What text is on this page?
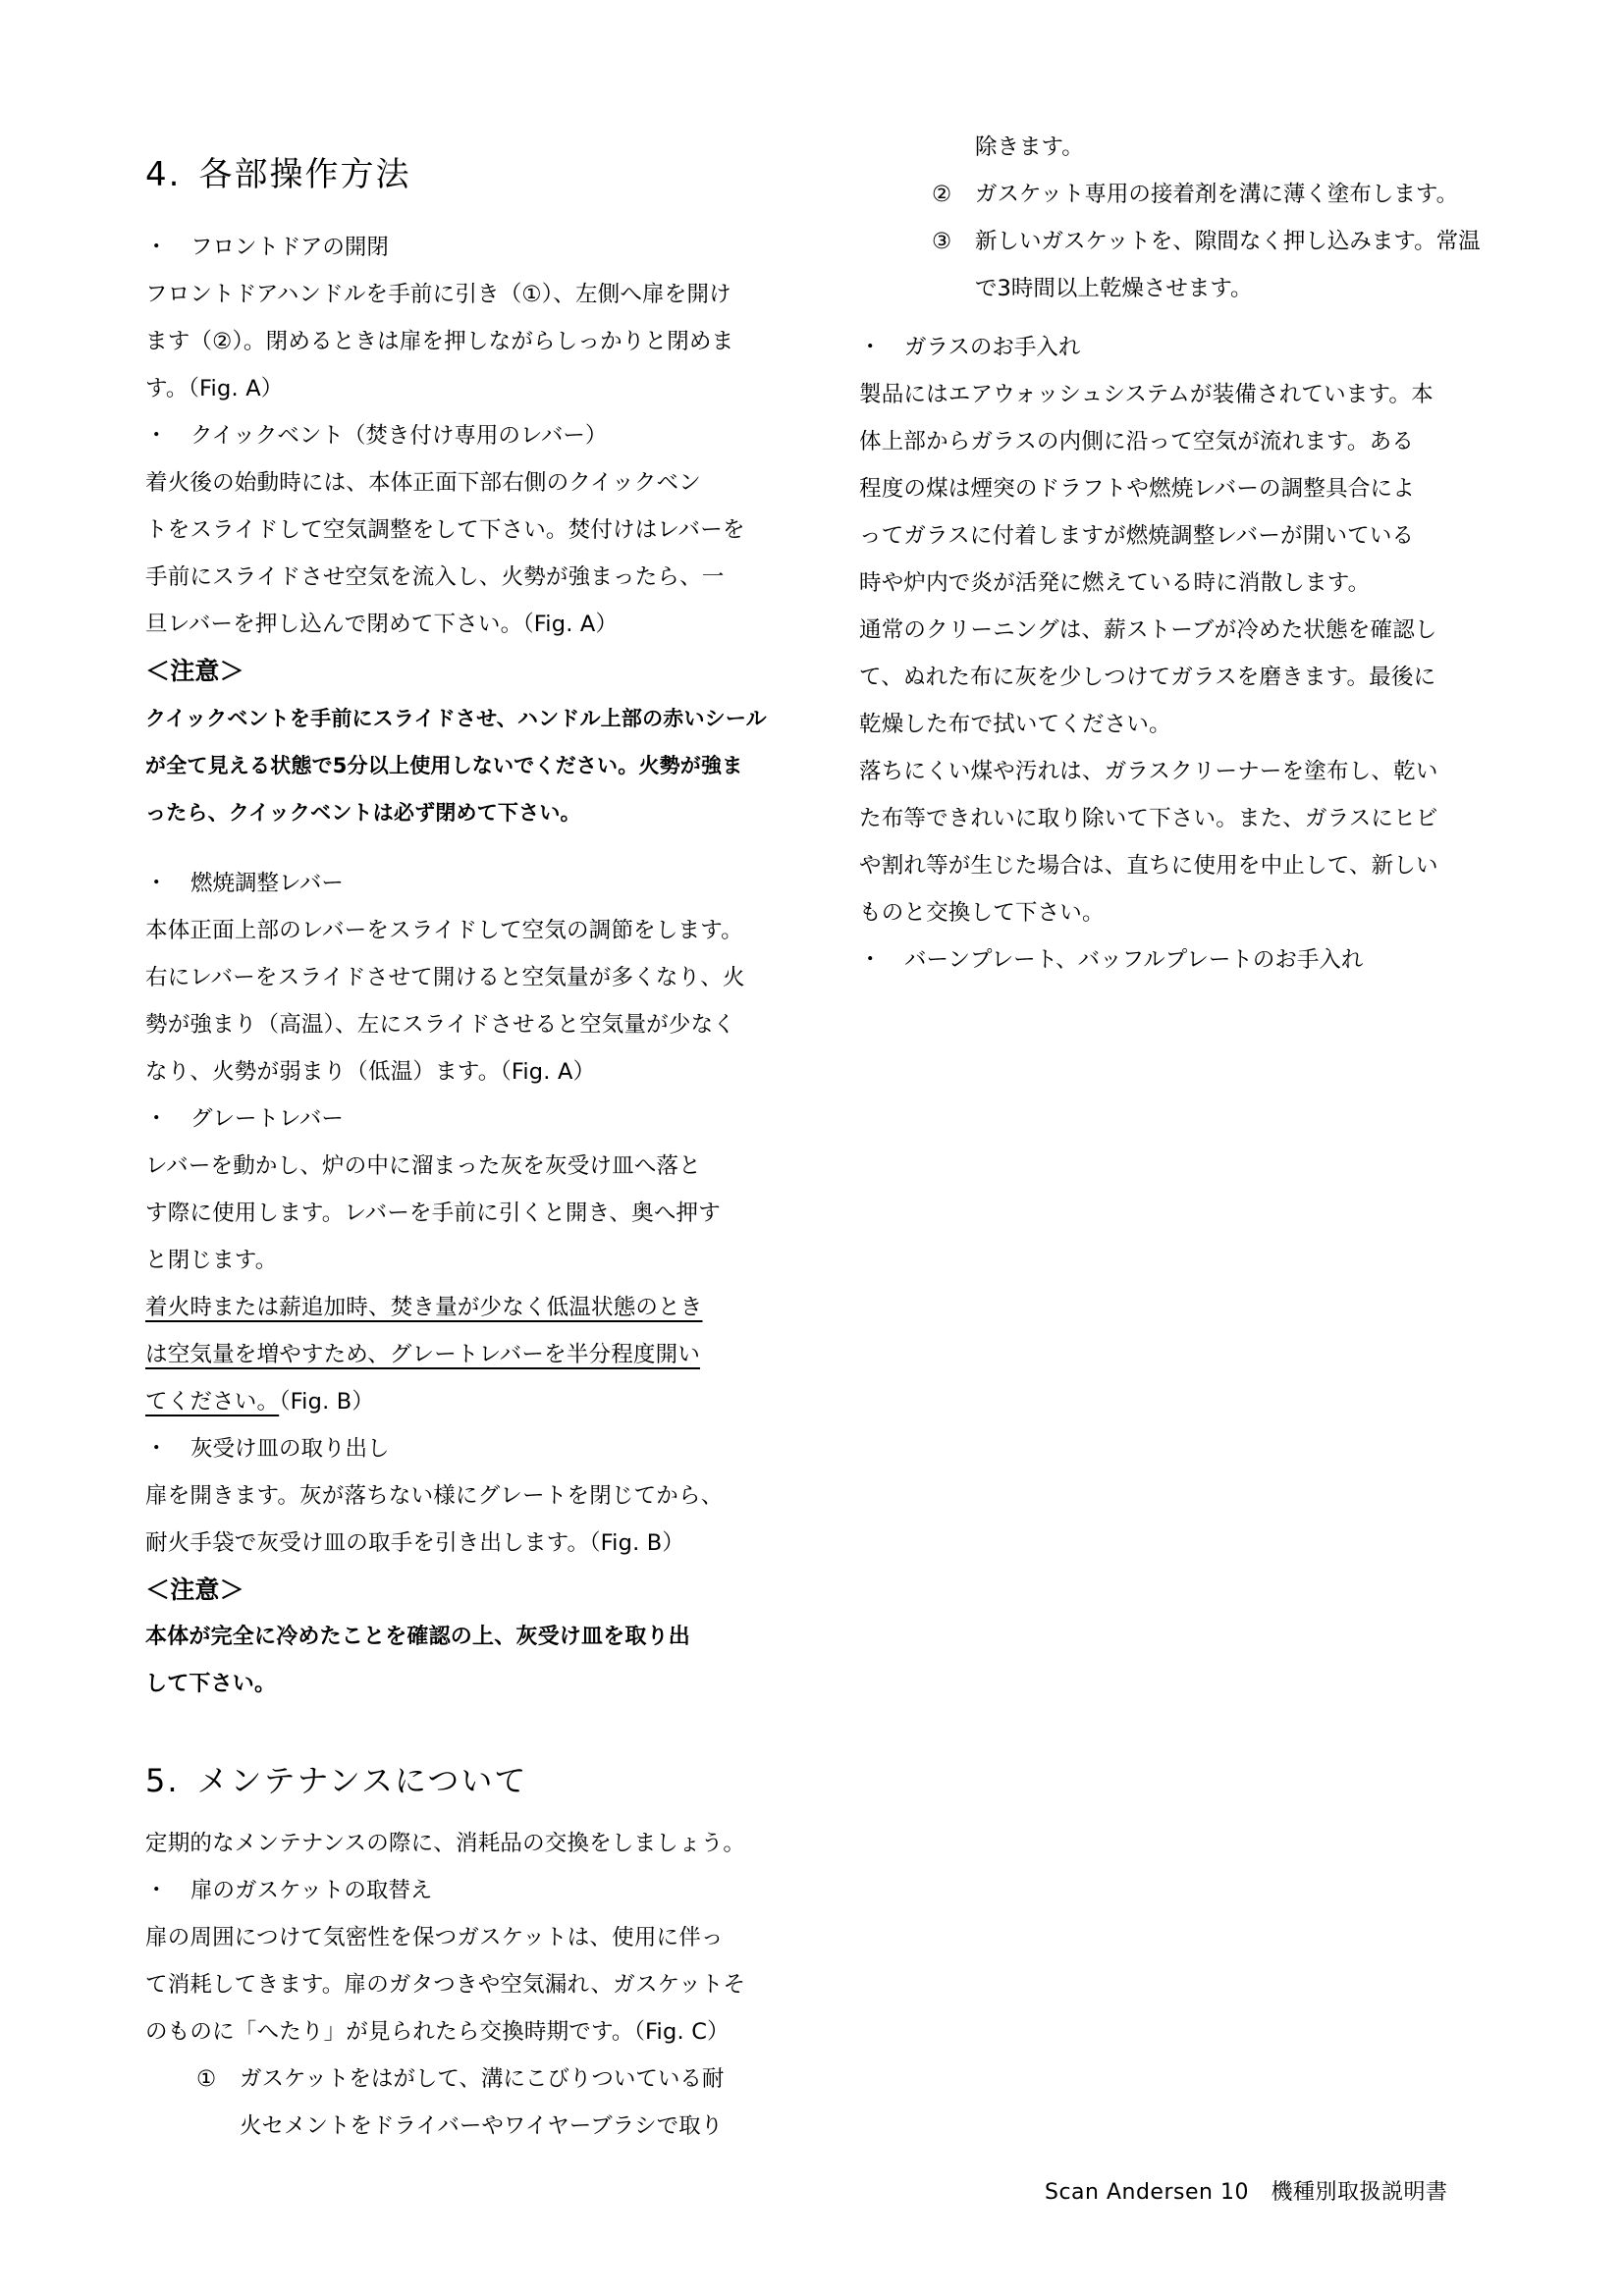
4. 各部操作方法
・ フロントドアの開閉
フロントドアハンドルを手前に引き（①）、左側へ扉を開け
ます（②）。閉めるときは扉を押しながらしっかりと閉めま
す。（Fig. A）
・ クイックベント（焚き付け専用のレバー）
着火後の始動時には、本体正面下部右側のクイックベン
トをスライドして空気調整をして下さい。焚付けはレバーを
手前にスライドさせ空気を流入し、火勢が強まったら、一
旦レバーを押し込んで閉めて下さい。（Fig. A）
＜注意＞
クイックベントを手前にスライドさせ、ハンドル上部の赤いシール
が全て見える状態で5分以上使用しないでください。火勢が強ま
ったら、クイックベントは必ず閉めて下さい。
・ 燃焼調整レバー
本体正面上部のレバーをスライドして空気の調節をします。
右にレバーをスライドさせて開けると空気量が多くなり、火
勢が強まり（高温）、左にスライドさせると空気量が少なく
なり、火勢が弱まり（低温）ます。（Fig. A）
・ グレートレバー
レバーを動かし、炉の中に溜まった灰を灰受け皿へ落と
す際に使用します。レバーを手前に引くと開き、奥へ押す
と閉じます。
着火時または薪追加時、焚き量が少なく低温状態のとき
は空気量を増やすため、グレートレバーを半分程度開い
てください。（Fig. B）
・ 灰受け皿の取り出し
扉を開きます。灰が落ちない様にグレートを閉じてから、
耐火手袋で灰受け皿の取手を引き出します。（Fig. B）
＜注意＞
本体が完全に冷めたことを確認の上、灰受け皿を取り出
して下さい。
5. メンテナンスについて
定期的なメンテナンスの際に、消耗品の交換をしましょう。
・ 扉のガスケットの取替え
扉の周囲につけて気密性を保つガスケットは、使用に伴っ
て消耗してきます。扉のガタつきや空気漏れ、ガスケットそ
のものに「へたり」が見られたら交換時期です。（Fig. C）
① ガスケットをはがして、溝にこびりついている耐
火セメントをドライバーやワイヤーブラシで取り
除きます。
② ガスケット専用の接着剤を溝に薄く塗布します。
③ 新しいガスケットを、隙間なく押し込みます。常温
で3時間以上乾燥させます。
・ ガラスのお手入れ
製品にはエアウォッシュシステムが装備されています。本
体上部からガラスの内側に沿って空気が流れます。ある
程度の煤は煙突のドラフトや燃焼レバーの調整具合によ
ってガラスに付着しますが燃焼調整レバーが開いている
時や炉内で炎が活発に燃えている時に消散します。
通常のクリーニングは、薪ストーブが冷めた状態を確認し
て、ぬれた布に灰を少しつけてガラスを磨きます。最後に
乾燥した布で拭いてください。
落ちにくい煤や汚れは、ガラスクリーナーを塗布し、乾い
た布等できれいに取り除いて下さい。また、ガラスにヒビ
や割れ等が生じた場合は、直ちに使用を中止して、新しい
ものと交換して下さい。
・ バーンプレート、バッフルプレートのお手入れ
Scan Andersen 10　機種別取扱説明書
